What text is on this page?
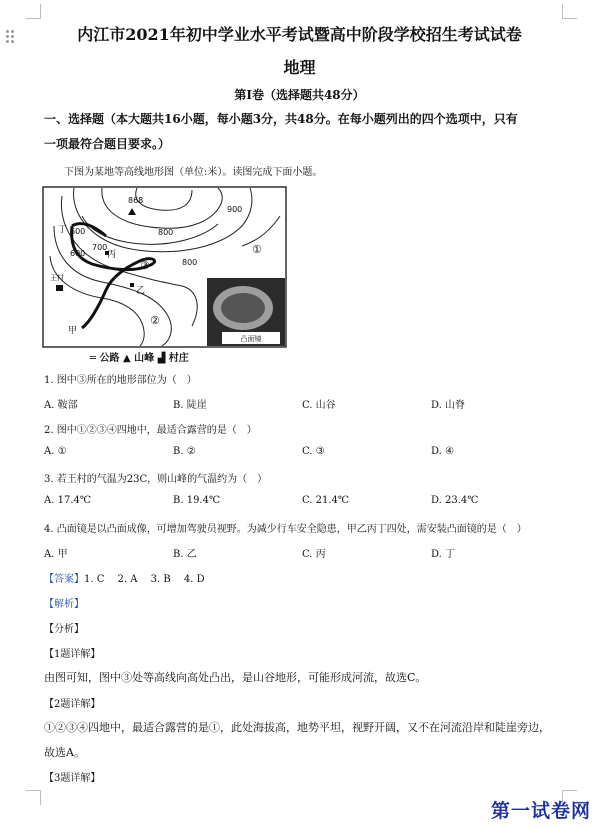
内江市2021年初中学业水平考试暨高中阶段学校招生考试试卷
地理
第Ⅰ卷（选择题共48分）
一、选择题（本大题共16小题，每小题3分，共48分。在每小题列出的四个选项中，只有
一项最符合题目要求。）
下图为某地等高线地形图（单位:米）。读图完成下面小题。
凸面镜
868
600
600
700
800
800
900
丁
丙
乙
甲
王村
①
②
③
═ 公路 ▲ 山峰 ▟ 村庄
1. 图中③所在的地形部位为（　）
A. 鞍部	B. 陡崖	C. 山谷	D. 山脊
2. 图中①②③④四地中，最适合露营的是（　）
A. ①	B. ②	C. ③	D. ④
3. 若王村的气温为23C，则山峰的气温约为（　）
A. 17.4℃	B. 19.4℃	C. 21.4℃	D. 23.4℃
4. 凸面镜是以凸面成像，可增加驾驶员视野。为减少行车安全隐患，甲乙丙丁四处，需安装凸面镜的是（　）
A. 甲	B. 乙	C. 丙	D. 丁
【答案】1. C　 2. A　 3. B　 4. D
【解析】
【分析】
【1题详解】
由图可知，图中③处等高线向高处凸出，是山谷地形，可能形成河流，故选C。
【2题详解】
①②③④四地中，最适合露营的是①，此处海拔高，地势平坦，视野开阔，又不在河流沿岸和陡崖旁边，
故选A。
【3题详解】
第一试卷网
